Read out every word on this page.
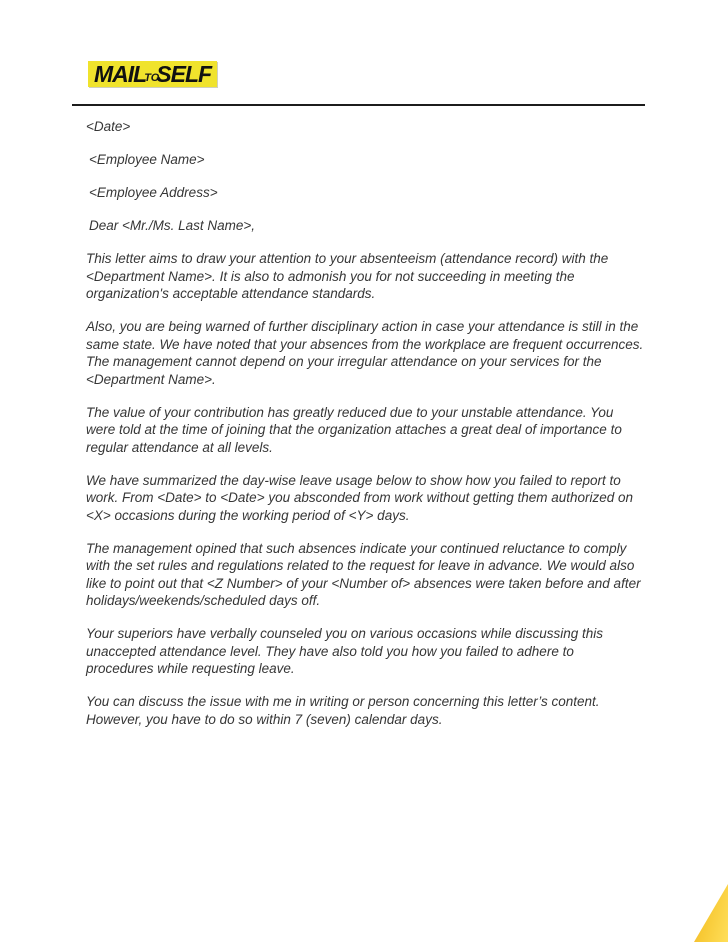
MAIL
TO
SELF
<Date>
<Employee Name>
<Employee Address>
Dear <Mr./Ms. Last Name>,

This letter aims to draw your attention to your absenteeism (attendance record) with the <Department Name>. It is also to admonish you for not succeeding in meeting the organization's acceptable attendance standards.

Also, you are being warned of further disciplinary action in case your attendance is still in the same state. We have noted that your absences from the workplace are frequent occurrences. The management cannot depend on your irregular attendance on your services for the <Department Name>.

The value of your contribution has greatly reduced due to your unstable attendance. You were told at the time of joining that the organization attaches a great deal of importance to regular attendance at all levels.

We have summarized the day-wise leave usage below to show how you failed to report to work. From <Date> to <Date> you absconded from work without getting them authorized on <X> occasions during the working period of <Y> days.

The management opined that such absences indicate your continued reluctance to comply with the set rules and regulations related to the request for leave in advance. We would also like to point out that <Z Number> of your <Number of> absences were taken before and after holidays/weekends/scheduled days off.

Your superiors have verbally counseled you on various occasions while discussing this unaccepted attendance level. They have also told you how you failed to adhere to procedures while requesting leave.

You can discuss the issue with me in writing or person concerning this letter’s content. However, you have to do so within 7 (seven) calendar days.
